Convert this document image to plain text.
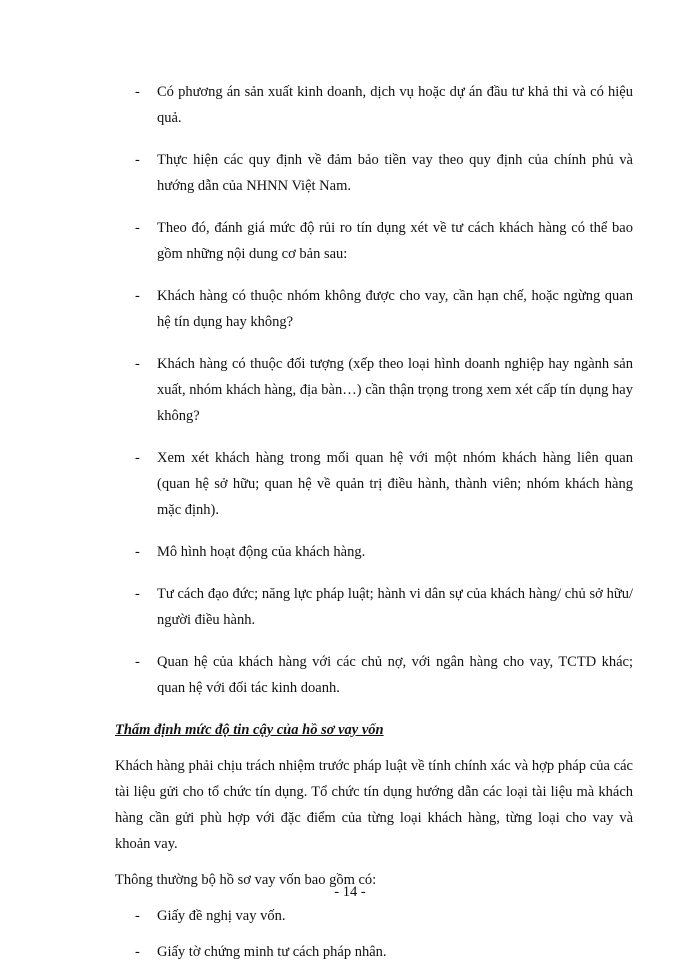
- Có phương án sản xuất kinh doanh, dịch vụ hoặc dự án đầu tư khả thi và có hiệu quả.
- Thực hiện các quy định về đảm bảo tiền vay theo quy định của chính phủ và hướng dẫn của NHNN Việt Nam.
- Theo đó, đánh giá mức độ rủi ro tín dụng xét về tư cách khách hàng có thể bao gồm những nội dung cơ bản sau:
- Khách hàng có thuộc nhóm không được cho vay, cần hạn chế, hoặc ngừng quan hệ tín dụng hay không?
- Khách hàng có thuộc đối tượng (xếp theo loại hình doanh nghiệp hay ngành sản xuất, nhóm khách hàng, địa bàn…) cần thận trọng trong xem xét cấp tín dụng hay không?
- Xem xét khách hàng trong mối quan hệ với một nhóm khách hàng liên quan (quan hệ sở hữu; quan hệ về quản trị điều hành, thành viên; nhóm khách hàng mặc định).
- Mô hình hoạt động của khách hàng.
- Tư cách đạo đức; năng lực pháp luật; hành vi dân sự của khách hàng/ chủ sở hữu/ người điều hành.
- Quan hệ của khách hàng với các chủ nợ, với ngân hàng cho vay, TCTD khác; quan hệ với đối tác kinh doanh.
Thẩm định mức độ tin cậy của hồ sơ vay vốn
Khách hàng phải chịu trách nhiệm trước pháp luật về tính chính xác và hợp pháp của các tài liệu gửi cho tổ chức tín dụng. Tổ chức tín dụng hướng dẫn các loại tài liệu mà khách hàng cần gửi phù hợp với đặc điểm của từng loại khách hàng, từng loại cho vay và khoản vay.
Thông thường bộ hồ sơ vay vốn bao gồm có:
- Giấy đề nghị vay vốn.
- Giấy tờ chứng minh tư cách pháp nhân.
- 14 -
